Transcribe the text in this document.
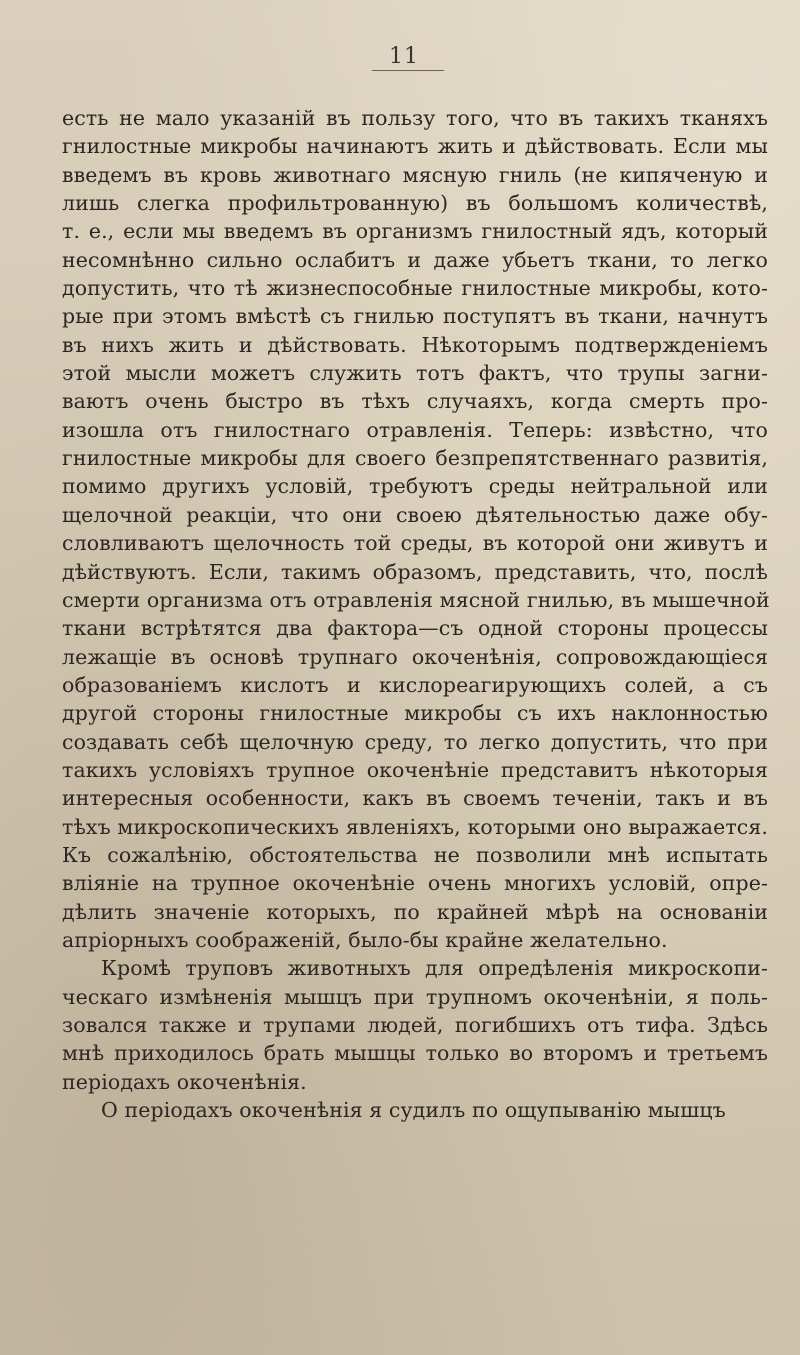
11
есть не мало указаній въ пользу того, что въ такихъ тканяхъ
гнилостные микробы начинаютъ жить и дѣйствовать. Если мы
введемъ въ кровь животнаго мясную гниль (не кипяченую и
лишь слегка профильтрованную) въ большомъ количествѣ,
т. е., если мы введемъ въ организмъ гнилостный ядъ, который
несомнѣнно сильно ослабитъ и даже убьетъ ткани, то легко
допустить, что тѣ жизнеспособные гнилостные микробы, кото-
рые при этомъ вмѣстѣ съ гнилью поступятъ въ ткани, начнутъ
въ нихъ жить и дѣйствовать. Нѣкоторымъ подтвержденіемъ
этой мысли можетъ служить тотъ фактъ, что трупы загни-
ваютъ очень быстро въ тѣхъ случаяхъ, когда смерть про-
изошла отъ гнилостнаго отравленія. Теперь: извѣстно, что
гнилостные микробы для своего безпрепятственнаго развитія,
помимо другихъ условій, требуютъ среды нейтральной или
щелочной реакціи, что они своею дѣятельностью даже обу-
словливаютъ щелочность той среды, въ которой они живутъ и
дѣйствуютъ. Если, такимъ образомъ, представить, что, послѣ
смерти организма отъ отравленія мясной гнилью, въ мышечной
ткани встрѣтятся два фактора—съ одной стороны процессы
лежащіе въ основѣ трупнаго окоченѣнія, сопровождающіеся
образованіемъ кислотъ и кислореагирующихъ солей, а съ
другой стороны гнилостные микробы съ ихъ наклонностью
создавать себѣ щелочную среду, то легко допустить, что при
такихъ условіяхъ трупное окоченѣніе представитъ нѣкоторыя
интересныя особенности, какъ въ своемъ теченіи, такъ и въ
тѣхъ микроскопическихъ явленіяхъ, которыми оно выражается.
Къ сожалѣнію, обстоятельства не позволили мнѣ испытать
вліяніе на трупное окоченѣніе очень многихъ условій, опре-
дѣлить значеніе которыхъ, по крайней мѣрѣ на основаніи
апріорныхъ соображеній, было-бы крайне желательно.
Кромѣ труповъ животныхъ для опредѣленія микроскопи-
ческаго измѣненія мышцъ при трупномъ окоченѣніи, я поль-
зовался также и трупами людей, погибшихъ отъ тифа. Здѣсь
мнѣ приходилось брать мышцы только во второмъ и третьемъ
періодахъ окоченѣнія.
О періодахъ окоченѣнія я судилъ по ощупыванію мышцъ
